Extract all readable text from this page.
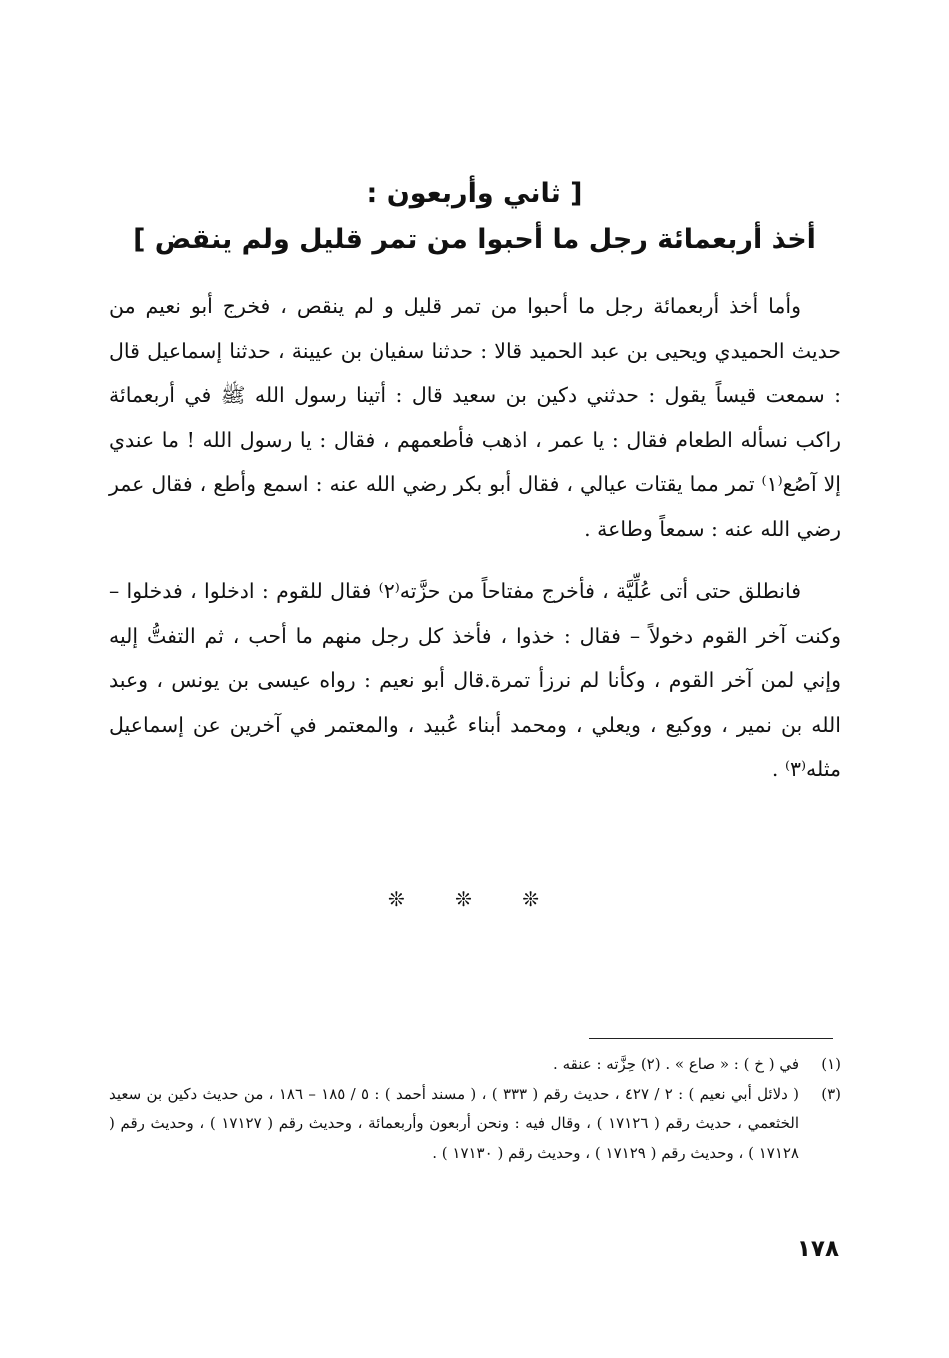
[ ثاني وأربعون :
أخذ أربعمائة رجل ما أحبوا من تمر قليل ولم ينقض ]

وأما أخذ أربعمائة رجل ما أحبوا من تمر قليل و لم ينقص ، فخرج أبو نعيم من حديث الحميدي ويحيى بن عبد الحميد قالا : حدثنا سفيان بن عيينة ، حدثنا إسماعيل قال : سمعت قيساً يقول : حدثني دكين بن سعيد قال : أتينا رسول الله ﷺ في أربعمائة راكب نسأله الطعام فقال : يا عمر ، اذهب فأطعمهم ، فقال : يا رسول الله ! ما عندي إلا آصُع⁽١⁾ تمر مما يقتات عيالي ، فقال أبو بكر رضي الله عنه : اسمع وأطع ، فقال عمر رضي الله عنه : سمعاً وطاعة .

فانطلق حتى أتى عُلِّيَّة ، فأخرج مفتاحاً من حزَّته⁽٢⁾ فقال للقوم : ادخلوا ، فدخلوا – وكنت آخر القوم دخولاً – فقال : خذوا ، فأخذ كل رجل منهم ما أحب ، ثم التفتُّ إليه وإني لمن آخر القوم ، وكأنا لم نرزأ تمرة.قال أبو نعيم : رواه عيسى بن يونس ، وعبد الله بن نمير ، ووكيع ، ويعلي ، ومحمد أبناء عُبيد ، والمعتمر في آخرين عن إسماعيل مثله⁽٣⁾ .

❊ ❊ ❊
(١)
في ( خ ) : « صاع » . (٢) حِزَّته : عنقه .
(٣)
( دلائل أبي نعيم ) : ٢ / ٤٢٧ ، حديث رقم ( ٣٣٣ ) ، ( مسند أحمد ) : ٥ / ١٨٥ – ١٨٦ ، من حديث دكين بن سعيد الخثعمي ، حديث رقم ( ١٧١٢٦ ) ، وقال فيه : ونحن أربعون وأربعمائة ، وحديث رقم ( ١٧١٢٧ ) ، وحديث رقم ( ١٧١٢٨ ) ، وحديث رقم ( ١٧١٢٩ ) ، وحديث رقم ( ١٧١٣٠ ) .
١٧٨
